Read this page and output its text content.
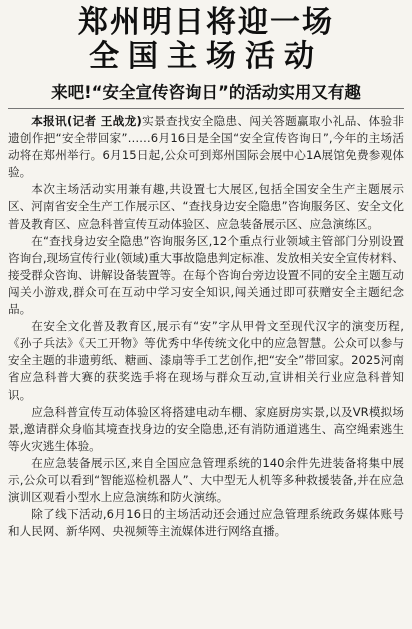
郑州明日将迎一场
全国主场活动
来吧!“安全宣传咨询日”的活动实用又有趣

本报讯(记者 王战龙)实景查找安全隐患、闯关答题赢取小礼品、体验非遗创作把“安全带回家”……6月16日是全国“安全宣传咨询日”,今年的主场活动将在郑州举行。6月15日起,公众可到郑州国际会展中心1A展馆免费参观体验。

本次主场活动实用兼有趣,共设置七大展区,包括全国安全生产主题展示区、河南省安全生产工作展示区、“查找身边安全隐患”咨询服务区、安全文化普及教育区、应急科普宣传互动体验区、应急装备展示区、应急演练区。

在“查找身边安全隐患”咨询服务区,12个重点行业领域主管部门分别设置咨询台,现场宣传行业(领域)重大事故隐患判定标准、发放相关安全宣传材料、接受群众咨询、讲解设备装置等。在每个咨询台旁边设置不同的安全主题互动闯关小游戏,群众可在互动中学习安全知识,闯关通过即可获赠安全主题纪念品。

在安全文化普及教育区,展示有“安”字从甲骨文至现代汉字的演变历程,《孙子兵法》《天工开物》等优秀中华传统文化中的应急智慧。公众可以参与安全主题的非遗剪纸、糖画、漆扇等手工艺创作,把“安全”带回家。2025河南省应急科普大赛的获奖选手将在现场与群众互动,宣讲相关行业应急科普知识。

应急科普宣传互动体验区将搭建电动车棚、家庭厨房实景,以及VR模拟场景,邀请群众身临其境查找身边的安全隐患,还有消防通道逃生、高空绳索逃生等火灾逃生体验。

在应急装备展示区,来自全国应急管理系统的140余件先进装备将集中展示,公众可以看到“智能巡检机器人”、大中型无人机等多种救援装备,并在应急演训区观看小型水上应急演练和防火演练。

除了线下活动,6月16日的主场活动还会通过应急管理系统政务媒体账号和人民网、新华网、央视频等主流媒体进行网络直播。
